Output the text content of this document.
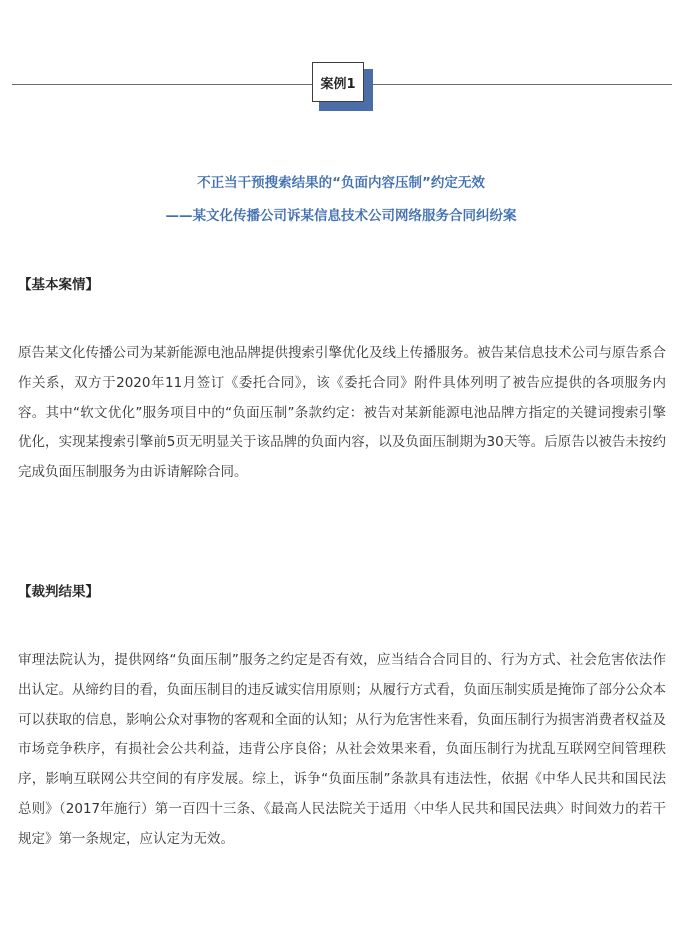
案例1
不正当干预搜索结果的“负面内容压制”约定无效
——某文化传播公司诉某信息技术公司网络服务合同纠纷案
【基本案情】

原告某文化传播公司为某新能源电池品牌提供搜索引擎优化及线上传播服务。被告某信息技术公司与原告系合作关系，双方于2020年11月签订《委托合同》，该《委托合同》附件具体列明了被告应提供的各项服务内容。其中“软文优化”服务项目中的“负面压制”条款约定：被告对某新能源电池品牌方指定的关键词搜索引擎优化，实现某搜索引擎前5页无明显关于该品牌的负面内容，以及负面压制期为30天等。后原告以被告未按约完成负面压制服务为由诉请解除合同。

【裁判结果】

审理法院认为，提供网络“负面压制”服务之约定是否有效，应当结合合同目的、行为方式、社会危害依法作出认定。从缔约目的看，负面压制目的违反诚实信用原则；从履行方式看，负面压制实质是掩饰了部分公众本可以获取的信息，影响公众对事物的客观和全面的认知；从行为危害性来看，负面压制行为损害消费者权益及市场竞争秩序，有损社会公共利益，违背公序良俗；从社会效果来看，负面压制行为扰乱互联网空间管理秩序，影响互联网公共空间的有序发展。综上，诉争“负面压制”条款具有违法性，依据《中华人民共和国民法总则》（2017年施行）第一百四十三条、《最高人民法院关于适用〈中华人民共和国民法典〉时间效力的若干规定》第一条规定，应认定为无效。
